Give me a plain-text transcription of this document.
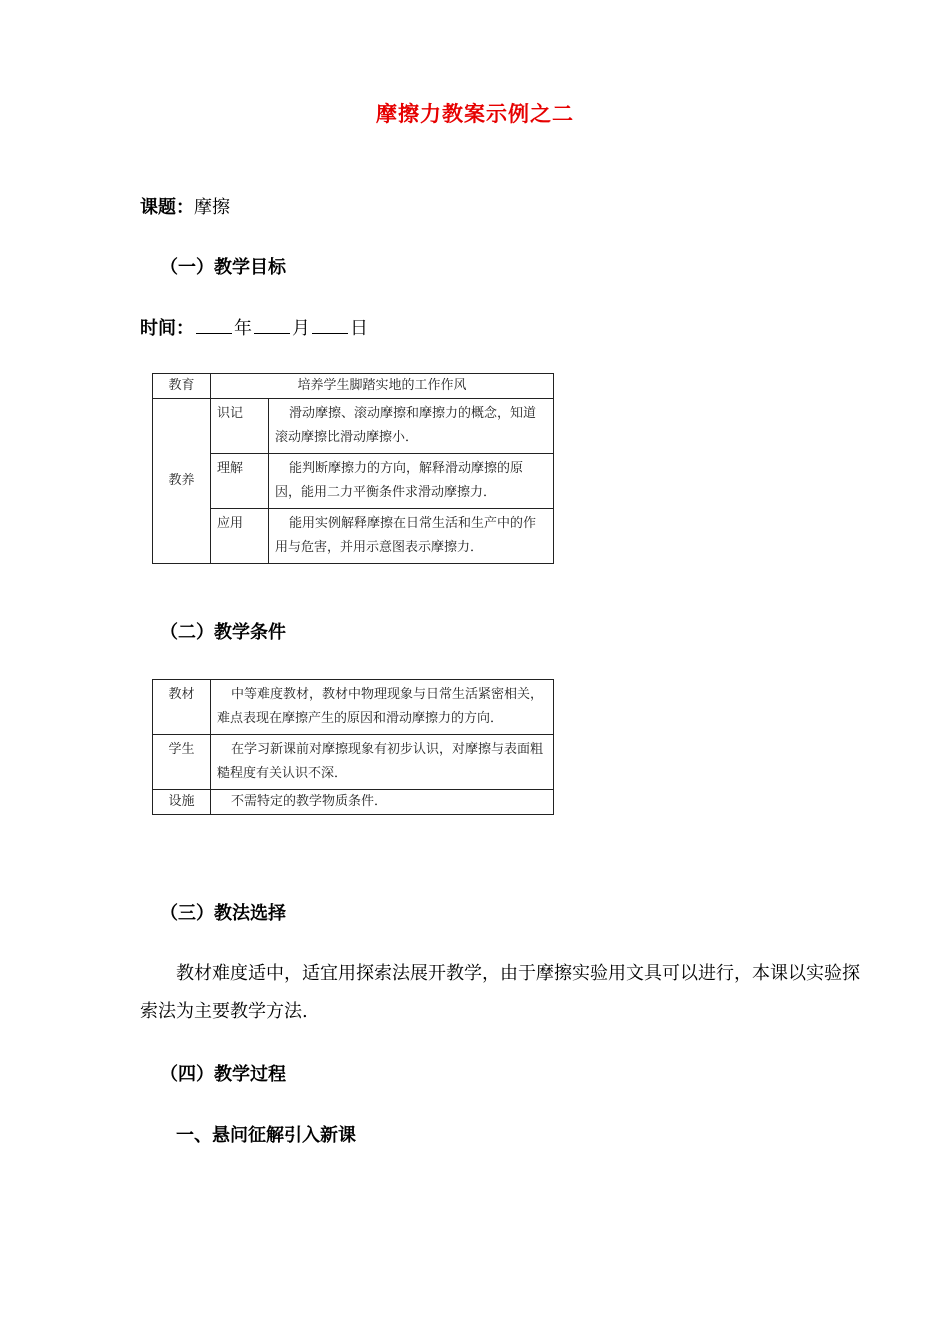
摩擦力教案示例之二
课题：摩擦
（一）教学目标
时间： 年 月 日
教育	培养学生脚踏实地的工作作风	
教养	识记	滑动摩擦、滚动摩擦和摩擦力的概念，知道滚动摩擦比滑动摩擦小．
	理解	能判断摩擦力的方向，解释滑动摩擦的原因，能用二力平衡条件求滑动摩擦力．
	应用	能用实例解释摩擦在日常生活和生产中的作用与危害，并用示意图表示摩擦力．
（二）教学条件
教材	中等难度教材，教材中物理现象与日常生活紧密相关，难点表现在摩擦产生的原因和滑动摩擦力的方向．
学生	在学习新课前对摩擦现象有初步认识，对摩擦与表面粗糙程度有关认识不深．
设施	不需特定的教学物质条件．
（三）教法选择
教材难度适中，适宜用探索法展开教学，由于摩擦实验用文具可以进行，本课以实验探索法为主要教学方法.
（四）教学过程
一、悬问征解引入新课
